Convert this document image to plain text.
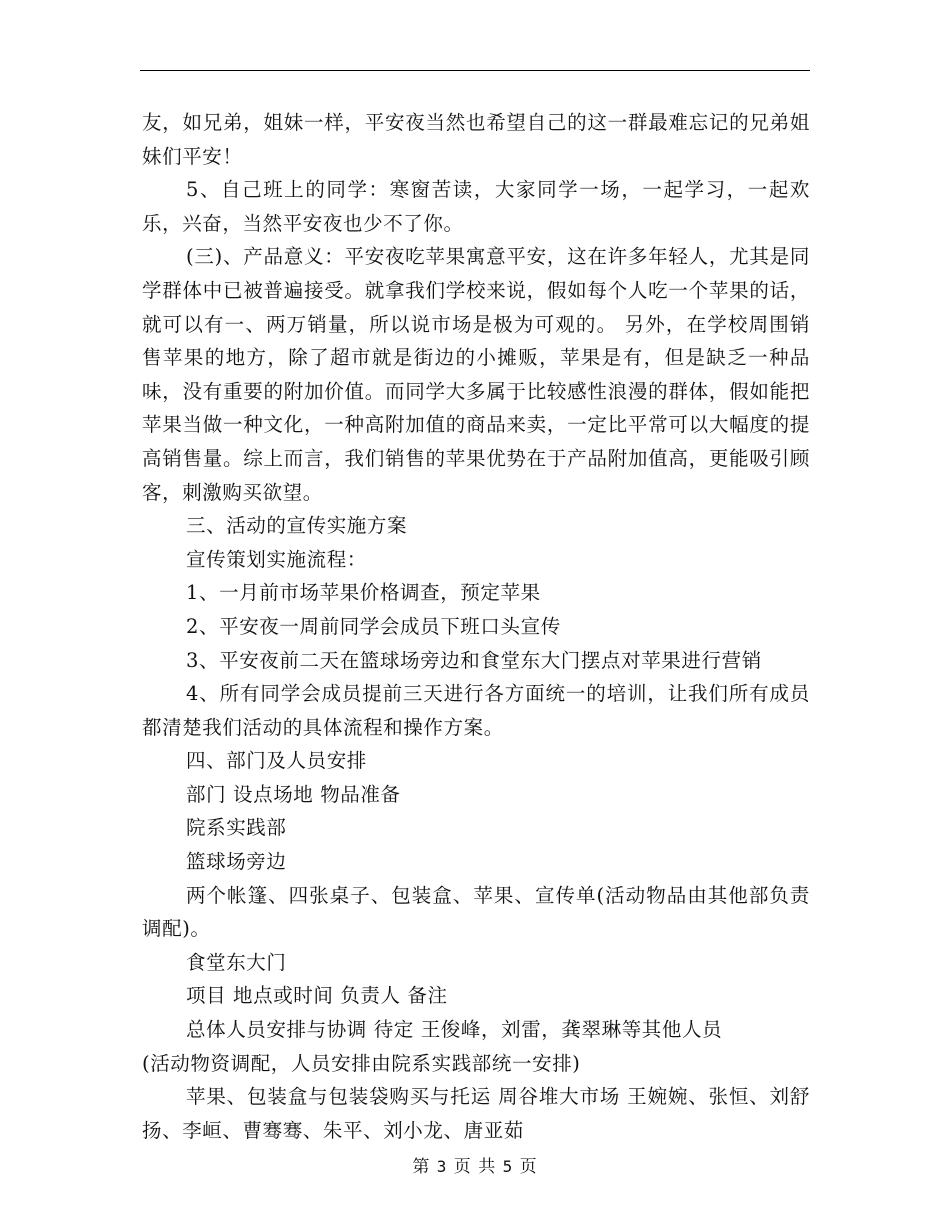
友，如兄弟，姐妹一样，平安夜当然也希望自己的这一群最难忘记的兄弟姐妹们平安！

5、自己班上的同学：寒窗苦读，大家同学一场，一起学习，一起欢乐，兴奋，当然平安夜也少不了你。

(三)、产品意义：平安夜吃苹果寓意平安，这在许多年轻人，尤其是同学群体中已被普遍接受。就拿我们学校来说，假如每个人吃一个苹果的话，就可以有一、两万销量，所以说市场是极为可观的。 另外，在学校周围销售苹果的地方，除了超市就是街边的小摊贩，苹果是有，但是缺乏一种品味，没有重要的附加价值。而同学大多属于比较感性浪漫的群体，假如能把苹果当做一种文化，一种高附加值的商品来卖，一定比平常可以大幅度的提高销售量。综上而言，我们销售的苹果优势在于产品附加值高，更能吸引顾客，刺激购买欲望。

三、活动的宣传实施方案

宣传策划实施流程：

1、一月前市场苹果价格调查，预定苹果

2、平安夜一周前同学会成员下班口头宣传

3、平安夜前二天在篮球场旁边和食堂东大门摆点对苹果进行营销

4、所有同学会成员提前三天进行各方面统一的培训，让我们所有成员都清楚我们活动的具体流程和操作方案。

四、部门及人员安排

部门 设点场地 物品准备

院系实践部

篮球场旁边

两个帐篷、四张桌子、包装盒、苹果、宣传单(活动物品由其他部负责调配)。

食堂东大门

项目 地点或时间 负责人 备注

总体人员安排与协调 待定 王俊峰，刘雷，龚翠琳等其他人员

(活动物资调配，人员安排由院系实践部统一安排)

苹果、包装盒与包装袋购买与托运 周谷堆大市场 王婉婉、张恒、刘舒扬、李峘、曹骞骞、朱平、刘小龙、唐亚茹

第 3 页 共 5 页
